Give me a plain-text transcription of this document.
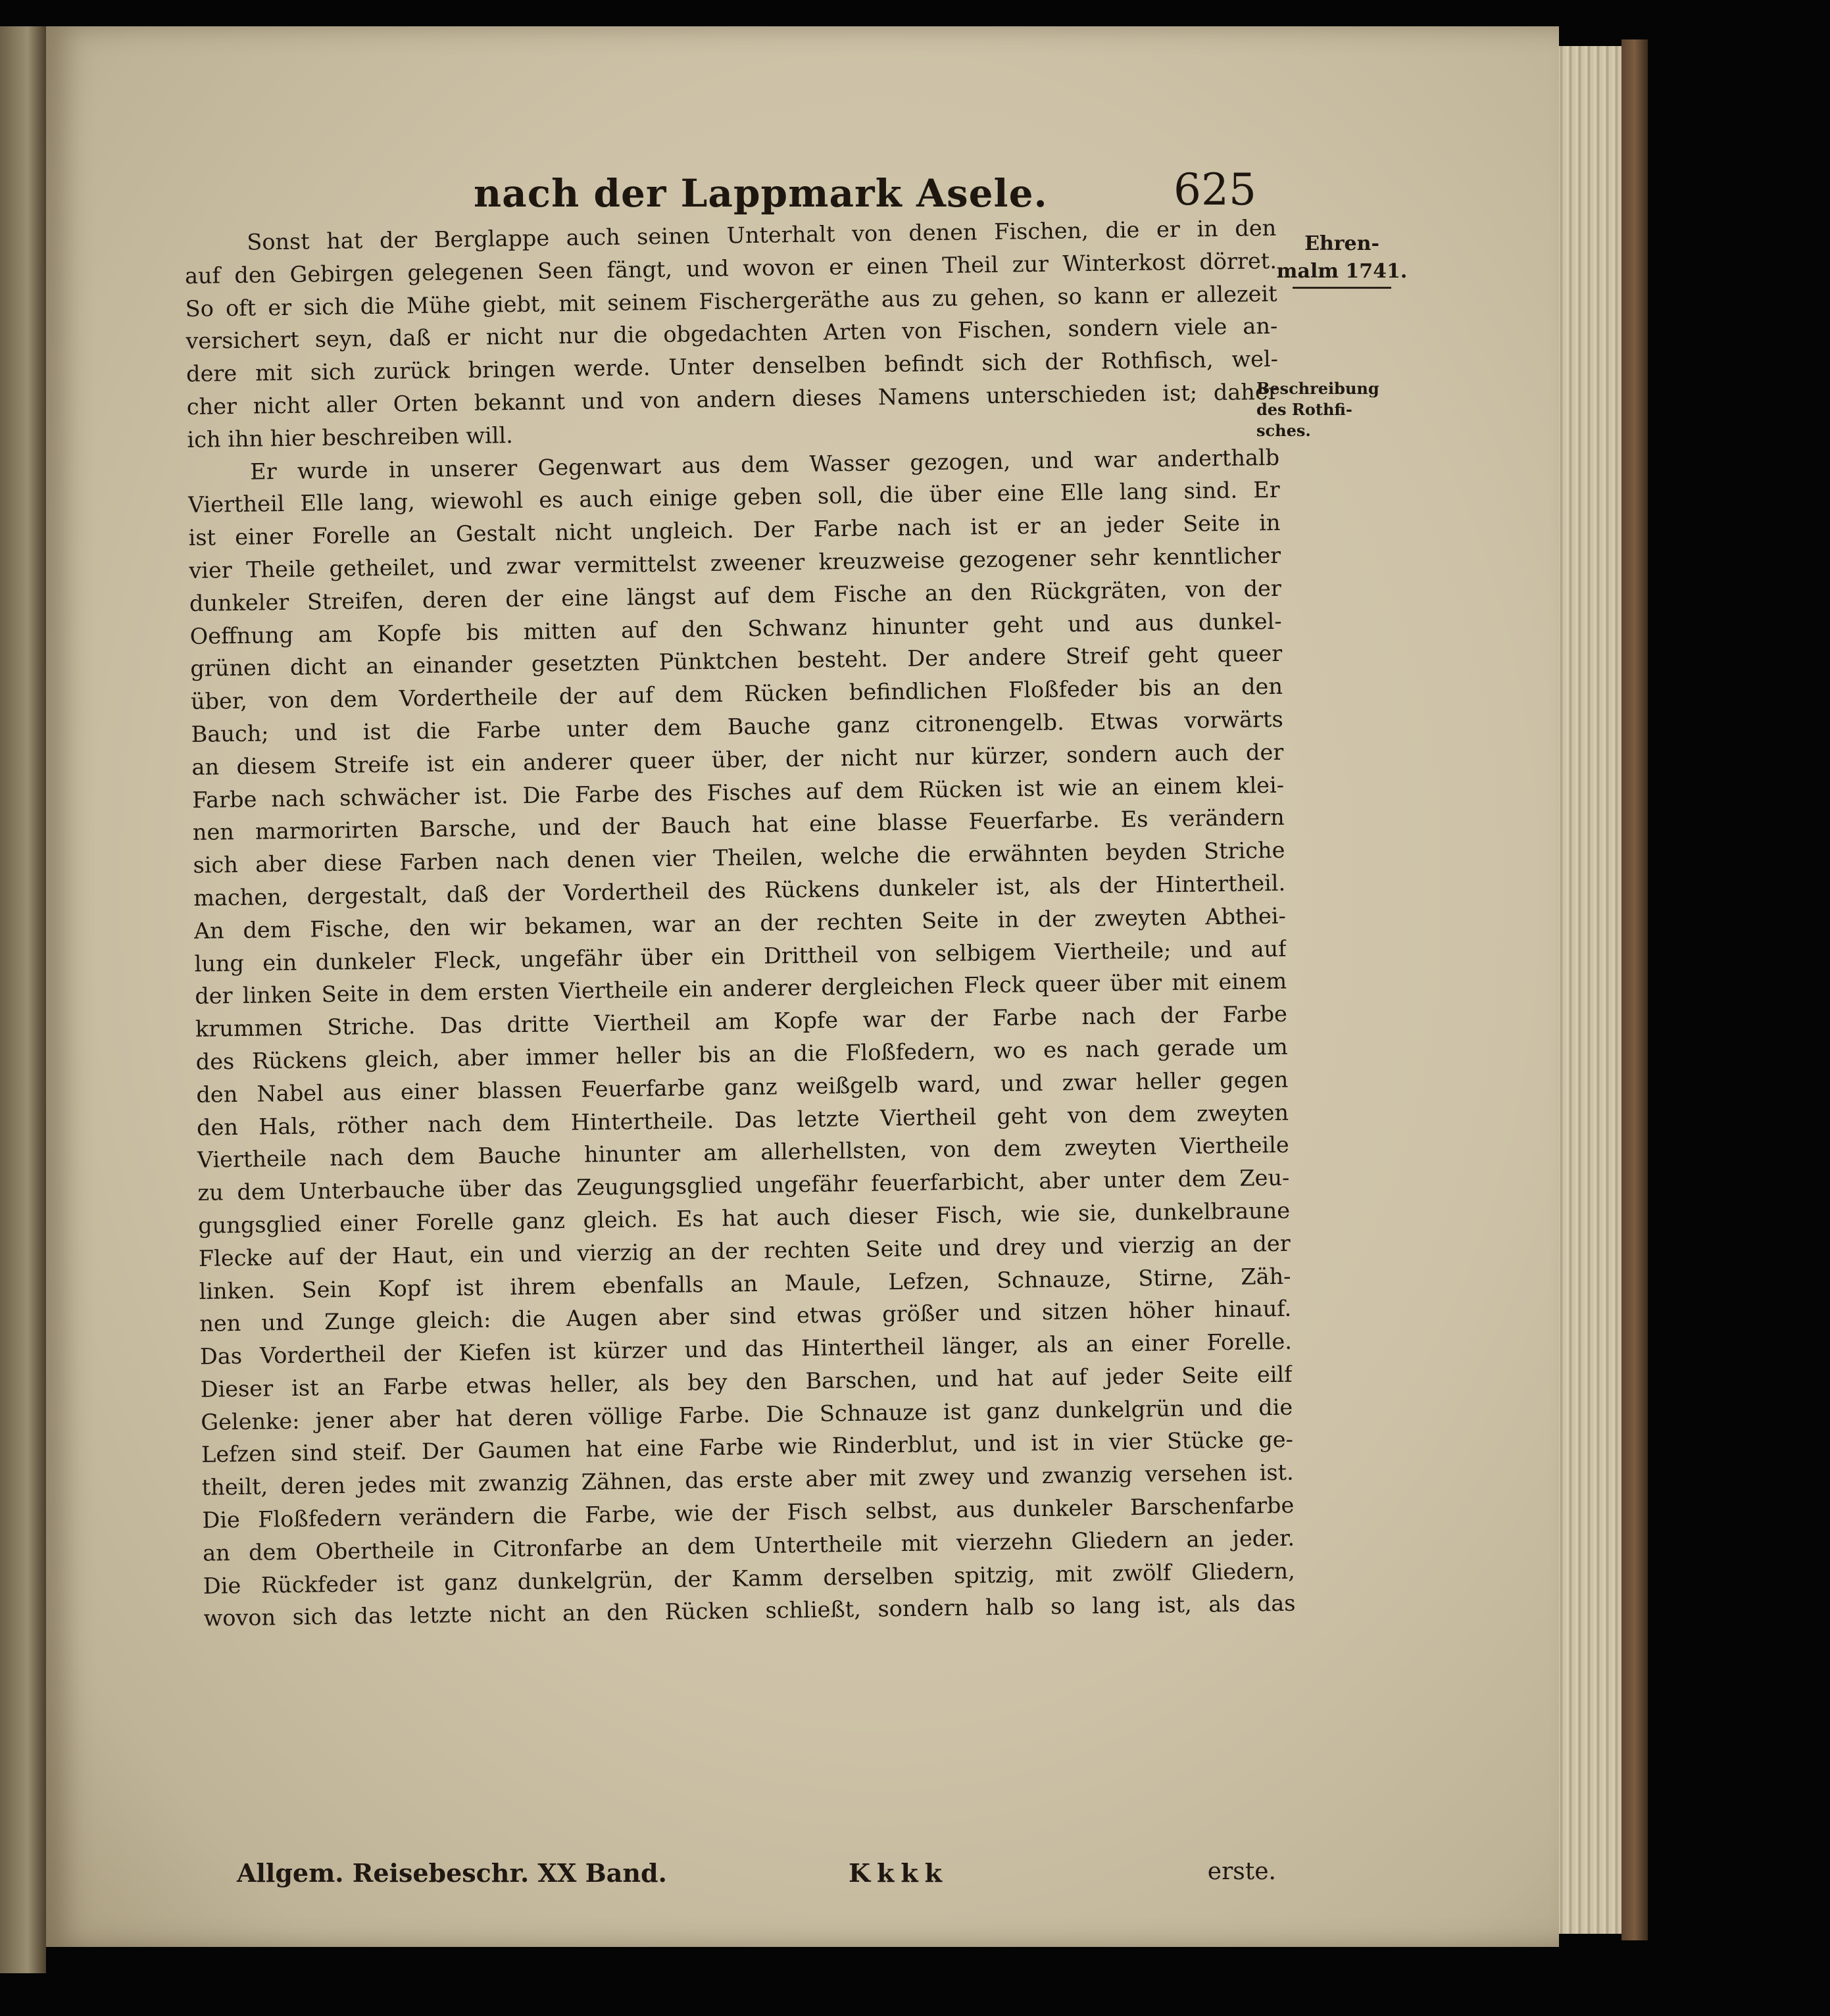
nach der Lappmark Asele.	625
Sonst hat der Berglappe auch seinen Unterhalt von denen Fischen, die er in den
auf den Gebirgen gelegenen Seen fängt, und wovon er einen Theil zur Winterkost dörret.
So oft er sich die Mühe giebt, mit seinem Fischergeräthe aus zu gehen, so kann er allezeit
versichert seyn, daß er nicht nur die obgedachten Arten von Fischen, sondern viele an-
dere mit sich zurück bringen werde. Unter denselben befindt sich der Rothfisch, wel-
cher nicht aller Orten bekannt und von andern dieses Namens unterschieden ist; daher
ich ihn hier beschreiben will.
Er wurde in unserer Gegenwart aus dem Wasser gezogen, und war anderthalb
Viertheil Elle lang, wiewohl es auch einige geben soll, die über eine Elle lang sind. Er
ist einer Forelle an Gestalt nicht ungleich. Der Farbe nach ist er an jeder Seite in
vier Theile getheilet, und zwar vermittelst zweener kreuzweise gezogener sehr kenntlicher
dunkeler Streifen, deren der eine längst auf dem Fische an den Rückgräten, von der
Oeffnung am Kopfe bis mitten auf den Schwanz hinunter geht und aus dunkel-
grünen dicht an einander gesetzten Pünktchen besteht. Der andere Streif geht queer
über, von dem Vordertheile der auf dem Rücken befindlichen Floßfeder bis an den
Bauch; und ist die Farbe unter dem Bauche ganz citronengelb. Etwas vorwärts
an diesem Streife ist ein anderer queer über, der nicht nur kürzer, sondern auch der
Farbe nach schwächer ist. Die Farbe des Fisches auf dem Rücken ist wie an einem klei-
nen marmorirten Barsche, und der Bauch hat eine blasse Feuerfarbe. Es verändern
sich aber diese Farben nach denen vier Theilen, welche die erwähnten beyden Striche
machen, dergestalt, daß der Vordertheil des Rückens dunkeler ist, als der Hintertheil.
An dem Fische, den wir bekamen, war an der rechten Seite in der zweyten Abthei-
lung ein dunkeler Fleck, ungefähr über ein Drittheil von selbigem Viertheile; und auf
der linken Seite in dem ersten Viertheile ein anderer dergleichen Fleck queer über mit einem
krummen Striche. Das dritte Viertheil am Kopfe war der Farbe nach der Farbe
des Rückens gleich, aber immer heller bis an die Floßfedern, wo es nach gerade um
den Nabel aus einer blassen Feuerfarbe ganz weißgelb ward, und zwar heller gegen
den Hals, röther nach dem Hintertheile. Das letzte Viertheil geht von dem zweyten
Viertheile nach dem Bauche hinunter am allerhellsten, von dem zweyten Viertheile
zu dem Unterbauche über das Zeugungsglied ungefähr feuerfarbicht, aber unter dem Zeu-
gungsglied einer Forelle ganz gleich. Es hat auch dieser Fisch, wie sie, dunkelbraune
Flecke auf der Haut, ein und vierzig an der rechten Seite und drey und vierzig an der
linken. Sein Kopf ist ihrem ebenfalls an Maule, Lefzen, Schnauze, Stirne, Zäh-
nen und Zunge gleich: die Augen aber sind etwas größer und sitzen höher hinauf.
Das Vordertheil der Kiefen ist kürzer und das Hintertheil länger, als an einer Forelle.
Dieser ist an Farbe etwas heller, als bey den Barschen, und hat auf jeder Seite eilf
Gelenke: jener aber hat deren völlige Farbe. Die Schnauze ist ganz dunkelgrün und die
Lefzen sind steif. Der Gaumen hat eine Farbe wie Rinderblut, und ist in vier Stücke ge-
theilt, deren jedes mit zwanzig Zähnen, das erste aber mit zwey und zwanzig versehen ist.
Die Floßfedern verändern die Farbe, wie der Fisch selbst, aus dunkeler Barschenfarbe
an dem Obertheile in Citronfarbe an dem Untertheile mit vierzehn Gliedern an jeder.
Die Rückfeder ist ganz dunkelgrün, der Kamm derselben spitzig, mit zwölf Gliedern,
wovon sich das letzte nicht an den Rücken schließt, sondern halb so lang ist, als das
Ehren-
malm 1741.
Beschreibung
des Rothfi-
sches.
Allgem. Reisebeschr. XX Band.	Kkkk	erste.
